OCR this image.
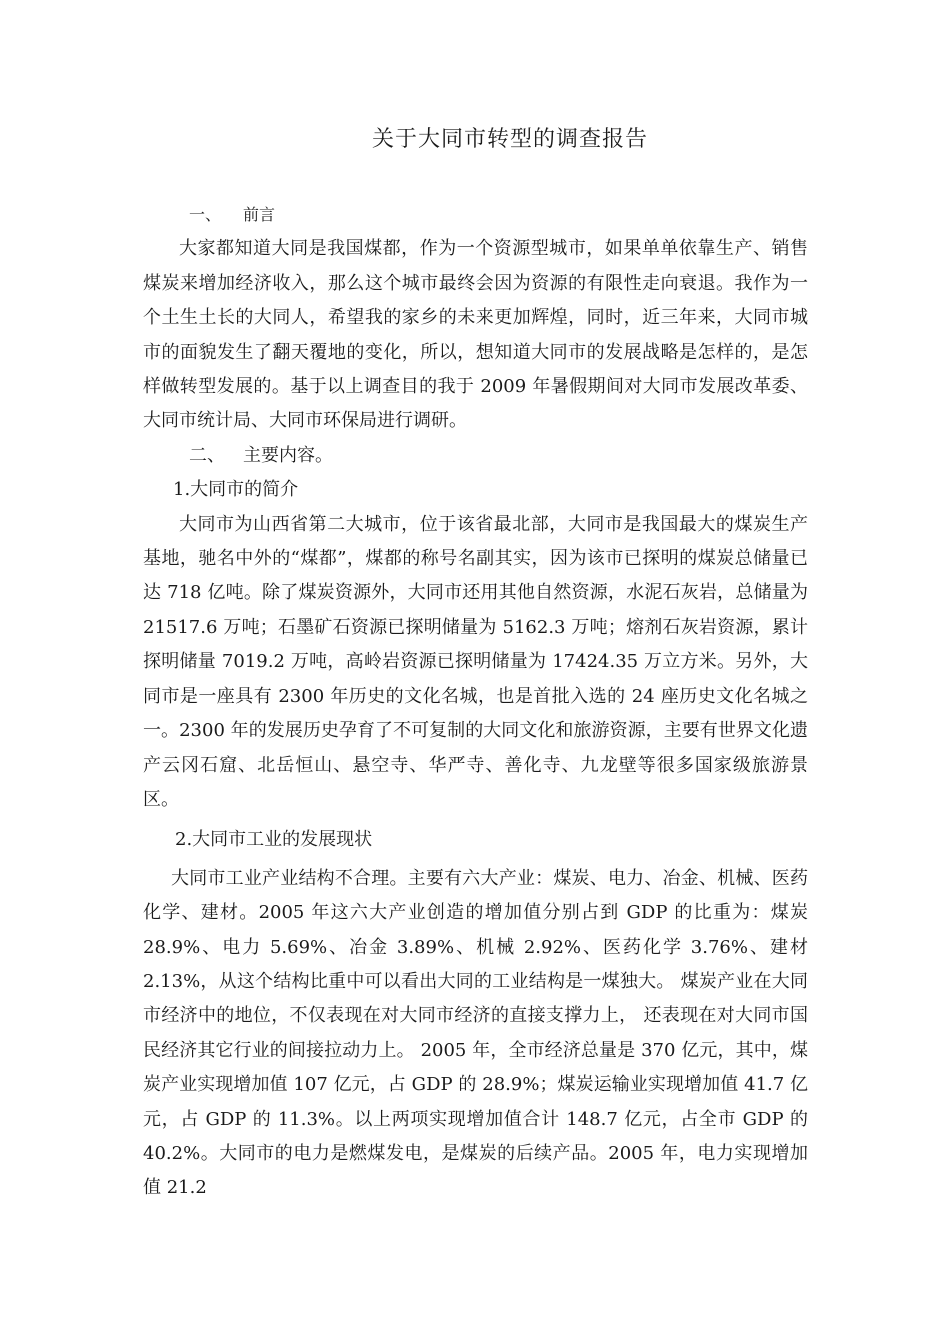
关于大同市转型的调查报告

一、 前言

大家都知道大同是我国煤都，作为一个资源型城市，如果单单依靠生产、销售煤炭来增加经济收入，那么这个城市最终会因为资源的有限性走向衰退。我作为一个土生土长的大同人，希望我的家乡的未来更加辉煌，同时，近三年来，大同市城市的面貌发生了翻天覆地的变化，所以，想知道大同市的发展战略是怎样的，是怎样做转型发展的。基于以上调查目的我于 2009 年暑假期间对大同市发展改革委、大同市统计局、大同市环保局进行调研。

二、 主要内容。

1.大同市的简介

大同市为山西省第二大城市，位于该省最北部，大同市是我国最大的煤炭生产基地，驰名中外的“煤都”，煤都的称号名副其实，因为该市已探明的煤炭总储量已达 718 亿吨。除了煤炭资源外，大同市还用其他自然资源，水泥石灰岩，总储量为 21517.6 万吨；石墨矿石资源已探明储量为 5162.3 万吨；熔剂石灰岩资源，累计探明储量 7019.2 万吨，高岭岩资源已探明储量为 17424.35 万立方米。另外，大同市是一座具有 2300 年历史的文化名城，也是首批入选的 24 座历史文化名城之一。2300 年的发展历史孕育了不可复制的大同文化和旅游资源，主要有世界文化遗产云冈石窟、北岳恒山、悬空寺、华严寺、善化寺、九龙壁等很多国家级旅游景区。

2.大同市工业的发展现状

大同市工业产业结构不合理。主要有六大产业：煤炭、电力、冶金、机械、医药化学、建材。2005 年这六大产业创造的增加值分别占到 GDP 的比重为：煤炭 28.9%、电力 5.69%、冶金 3.89%、机械 2.92%、医药化学 3.76%、建材 2.13%，从这个结构比重中可以看出大同的工业结构是一煤独大。 煤炭产业在大同市经济中的地位，不仅表现在对大同市经济的直接支撑力上， 还表现在对大同市国民经济其它行业的间接拉动力上。 2005 年，全市经济总量是 370 亿元，其中，煤炭产业实现增加值 107 亿元，占 GDP 的 28.9%；煤炭运输业实现增加值 41.7 亿元，占 GDP 的 11.3%。以上两项实现增加值合计 148.7 亿元，占全市 GDP 的 40.2%。大同市的电力是燃煤发电，是煤炭的后续产品。2005 年，电力实现增加值 21.2
